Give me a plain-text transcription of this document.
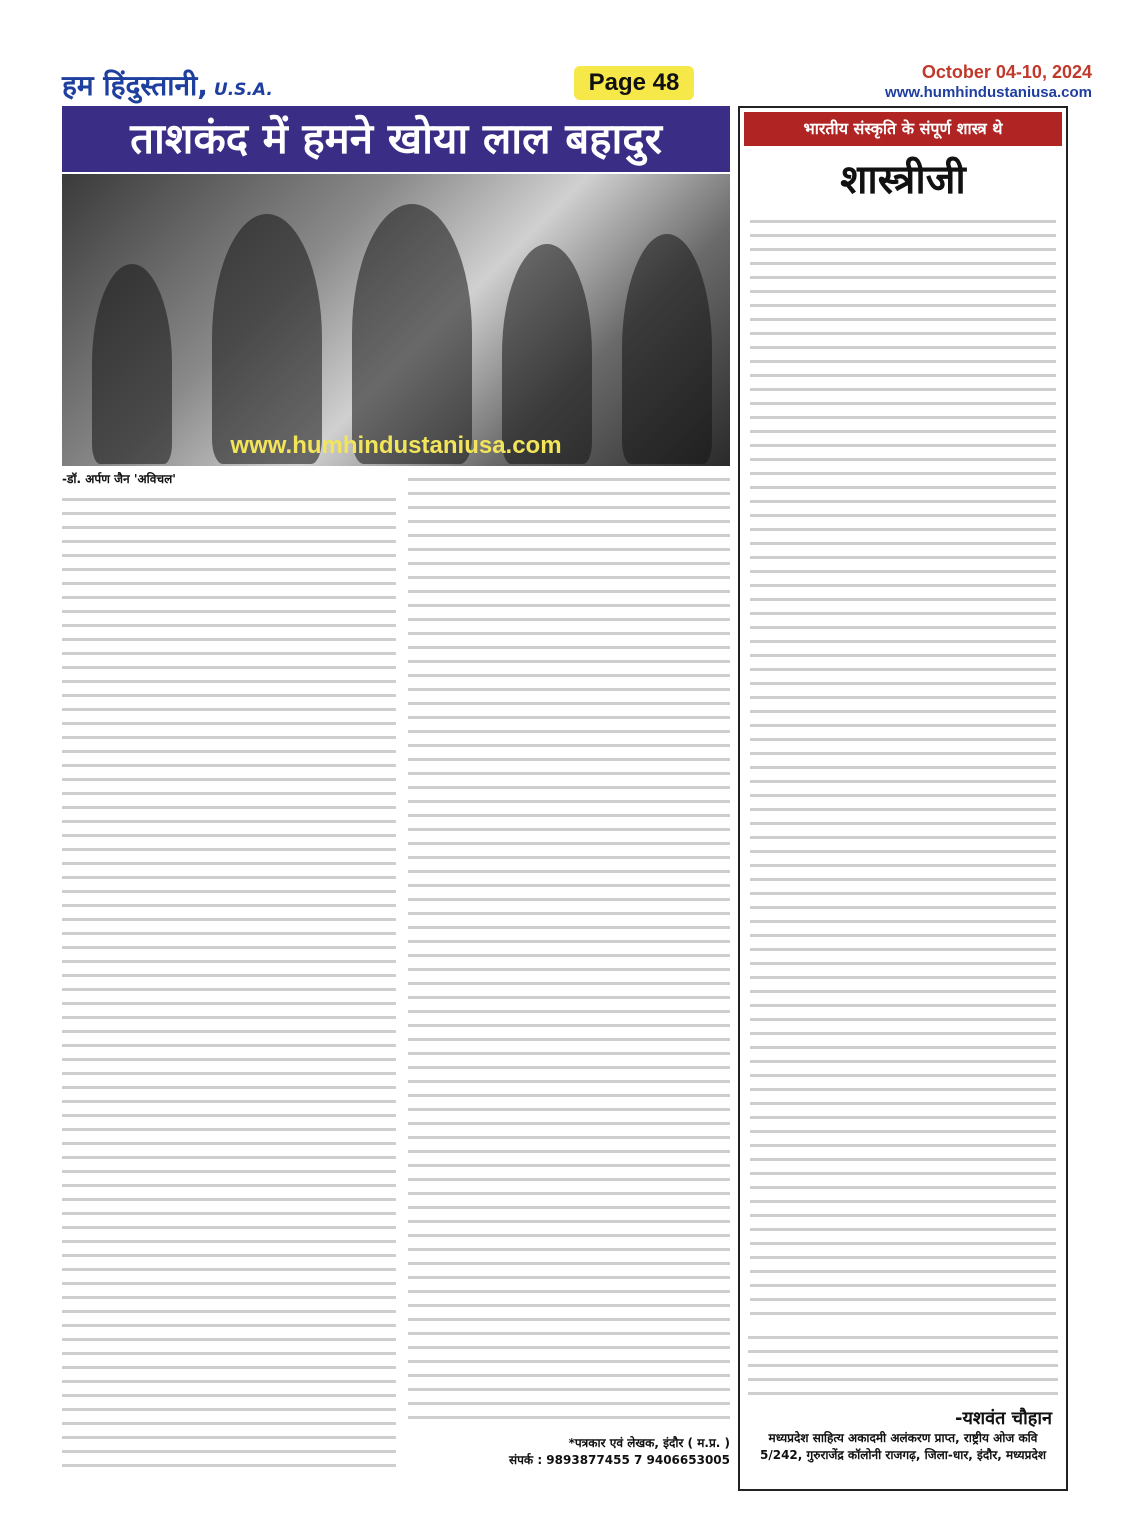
हम हिंदुस्तानी, U.S.A.	Page 48	October 04-10, 2024
www.humhindustaniusa.com
ताशकंद में हमने खोया लाल बहादुर
www.humhindustaniusa.com
-डॉ. अर्पण जैन 'अविचल'
*पत्रकार एवं लेखक, इंदौर ( म.प्र. )
संपर्क : 9893877455 7 9406653005
भारतीय संस्कृति के संपूर्ण शास्त्र थे
शास्त्रीजी
-यशवंत चौहान
मध्यप्रदेश साहित्य अकादमी अलंकरण प्राप्त, राष्ट्रीय ओज कवि 5/242, गुरुराजेंद्र कॉलोनी राजगढ़, जिला-धार, इंदौर, मध्यप्रदेश
